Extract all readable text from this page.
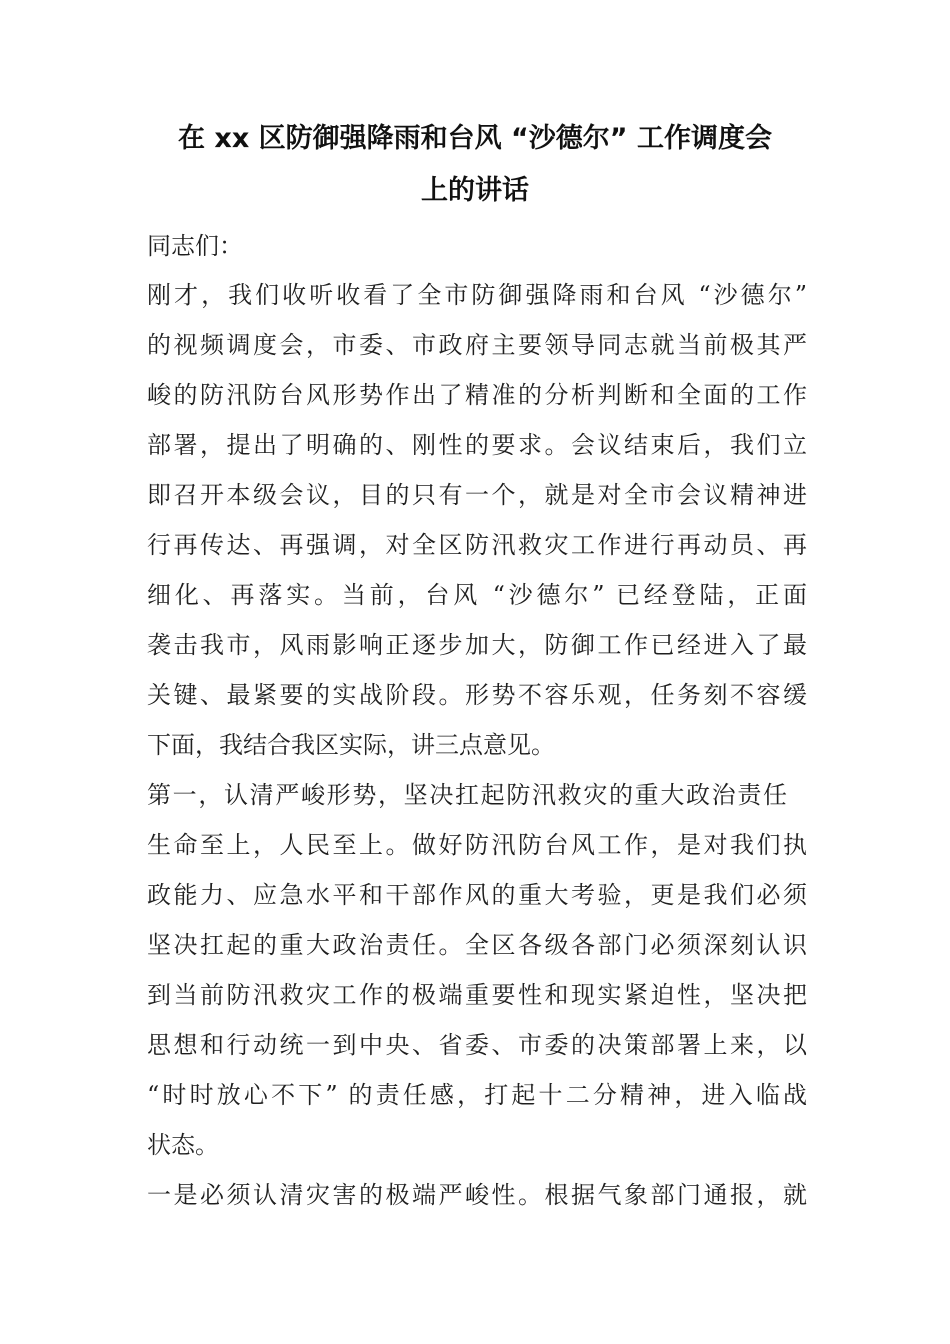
在 xx 区防御强降雨和台风 “沙德尔” 工作调度会
上的讲话
同志们：
刚才，我们收听收看了全市防御强降雨和台风 “沙德尔”
的视频调度会，市委、市政府主要领导同志就当前极其严
峻的防汛防台风形势作出了精准的分析判断和全面的工作
部署，提出了明确的、刚性的要求。会议结束后，我们立
即召开本级会议，目的只有一个，就是对全市会议精神进
行再传达、再强调，对全区防汛救灾工作进行再动员、再
细化、再落实。当前，台风 “沙德尔” 已经登陆，正面
袭击我市，风雨影响正逐步加大，防御工作已经进入了最
关键、最紧要的实战阶段。形势不容乐观，任务刻不容缓
下面，我结合我区实际，讲三点意见。
第一，认清严峻形势，坚决扛起防汛救灾的重大政治责任
生命至上，人民至上。做好防汛防台风工作，是对我们执
政能力、应急水平和干部作风的重大考验，更是我们必须
坚决扛起的重大政治责任。全区各级各部门必须深刻认识
到当前防汛救灾工作的极端重要性和现实紧迫性，坚决把
思想和行动统一到中央、省委、市委的决策部署上来，以
“时时放心不下” 的责任感，打起十二分精神，进入临战
状态。
一是必须认清灾害的极端严峻性。根据气象部门通报，就
